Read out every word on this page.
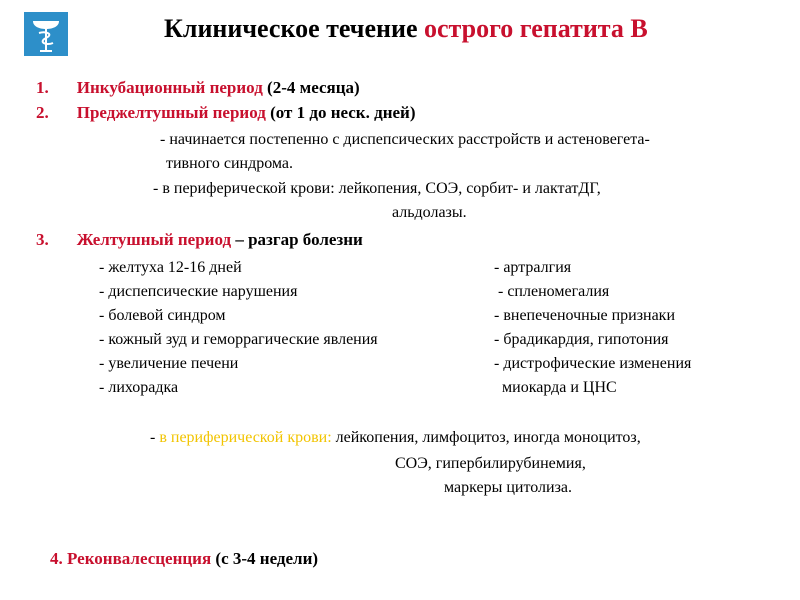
Клиническое течение острого гепатита В
1. Инкубационный период (2-4 месяца)
2. Преджелтушный период (от 1 до неск. дней)
- начинается постепенно с диспепсических расстройств и астеновегета-
тивного синдрома.
- в периферической крови: лейкопения, СОЭ, сорбит- и лактатДГ,
альдолазы.
3. Желтушный период – разгар болезни
- желтуха 12-16 дней
- диспепсические нарушения
- болевой синдром
- кожный зуд и геморрагические явления
- увеличение печени
- лихорадка
- артралгия
- спленомегалия
- внепеченочные признаки
- брадикардия, гипотония
- дистрофические изменения
миокарда и ЦНС
- в периферической крови: лейкопения, лимфоцитоз, иногда моноцитоз,
СОЭ, гипербилирубинемия,
маркеры цитолиза.
4. Реконвалесценция (с 3-4 недели)
